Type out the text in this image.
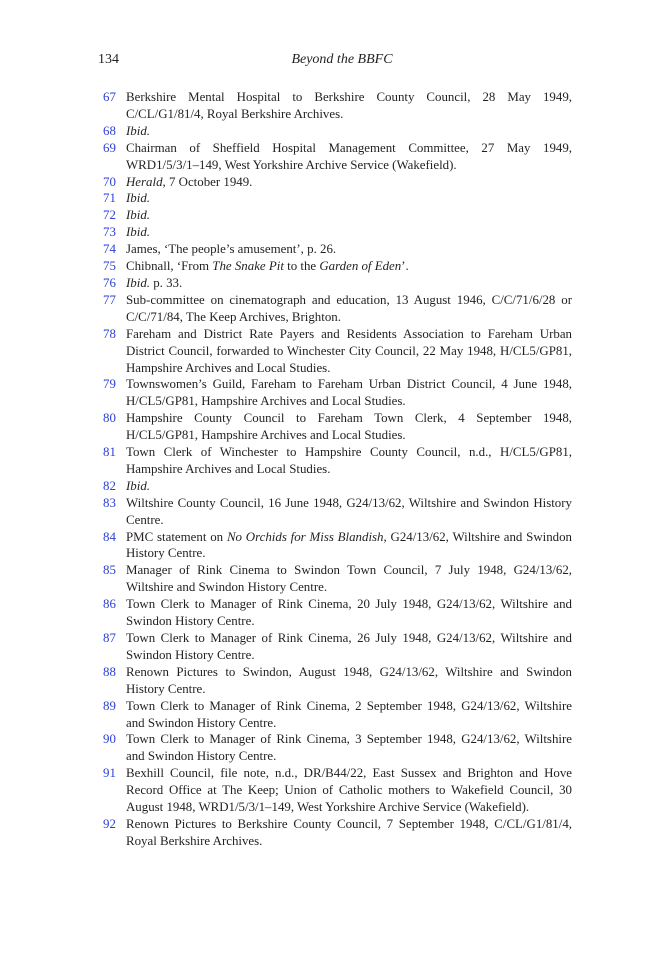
134	Beyond the BBFC
67 Berkshire Mental Hospital to Berkshire County Council, 28 May 1949, C/CL/G1/81/4, Royal Berkshire Archives.
68 Ibid.
69 Chairman of Sheffield Hospital Management Committee, 27 May 1949, WRD1/5/3/1–149, West Yorkshire Archive Service (Wakefield).
70 Herald, 7 October 1949.
71 Ibid.
72 Ibid.
73 Ibid.
74 James, ‘The people’s amusement’, p. 26.
75 Chibnall, ‘From The Snake Pit to the Garden of Eden’.
76 Ibid. p. 33.
77 Sub-committee on cinematograph and education, 13 August 1946, C/C/71/6/28 or C/C/71/84, The Keep Archives, Brighton.
78 Fareham and District Rate Payers and Residents Association to Fareham Urban District Council, forwarded to Winchester City Council, 22 May 1948, H/CL5/GP81, Hampshire Archives and Local Studies.
79 Townswomen’s Guild, Fareham to Fareham Urban District Council, 4 June 1948, H/CL5/GP81, Hampshire Archives and Local Studies.
80 Hampshire County Council to Fareham Town Clerk, 4 September 1948, H/CL5/GP81, Hampshire Archives and Local Studies.
81 Town Clerk of Winchester to Hampshire County Council, n.d., H/CL5/GP81, Hampshire Archives and Local Studies.
82 Ibid.
83 Wiltshire County Council, 16 June 1948, G24/13/62, Wiltshire and Swindon History Centre.
84 PMC statement on No Orchids for Miss Blandish, G24/13/62, Wiltshire and Swindon History Centre.
85 Manager of Rink Cinema to Swindon Town Council, 7 July 1948, G24/13/62, Wiltshire and Swindon History Centre.
86 Town Clerk to Manager of Rink Cinema, 20 July 1948, G24/13/62, Wiltshire and Swindon History Centre.
87 Town Clerk to Manager of Rink Cinema, 26 July 1948, G24/13/62, Wiltshire and Swindon History Centre.
88 Renown Pictures to Swindon, August 1948, G24/13/62, Wiltshire and Swindon History Centre.
89 Town Clerk to Manager of Rink Cinema, 2 September 1948, G24/13/62, Wiltshire and Swindon History Centre.
90 Town Clerk to Manager of Rink Cinema, 3 September 1948, G24/13/62, Wiltshire and Swindon History Centre.
91 Bexhill Council, file note, n.d., DR/B44/22, East Sussex and Brighton and Hove Record Office at The Keep; Union of Catholic mothers to Wakefield Council, 30 August 1948, WRD1/5/3/1–149, West Yorkshire Archive Service (Wakefield).
92 Renown Pictures to Berkshire County Council, 7 September 1948, C/CL/G1/81/4, Royal Berkshire Archives.
